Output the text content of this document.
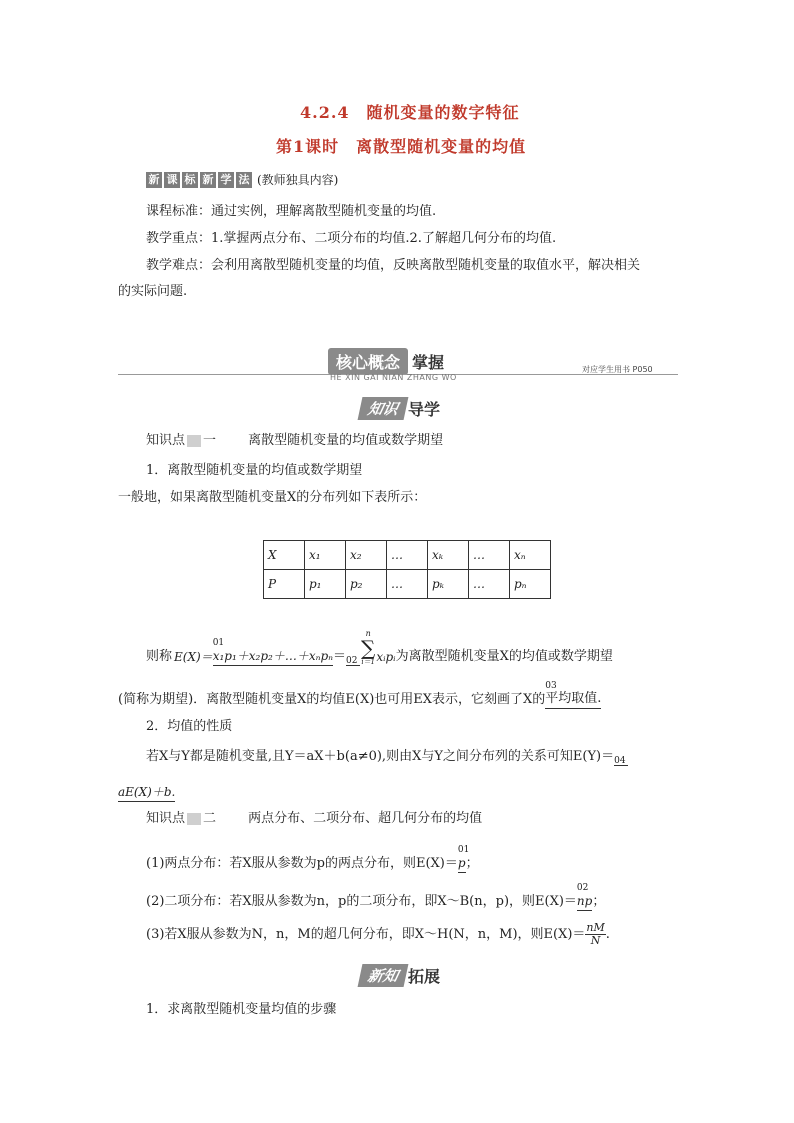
4.2.4　随机变量的数字特征
第1课时　离散型随机变量的均值
新 课 标 新 学 法 (教师独具内容)
课程标准：通过实例，理解离散型随机变量的均值.
教学重点：1.掌握两点分布、二项分布的均值.2.了解超几何分布的均值.
教学难点：会利用离散型随机变量的均值，反映离散型随机变量的取值水平，解决相关
的实际问题.
核心概念 掌握
HE XIN GAI NIAN ZHANG WO
对应学生用书 P050
知识 导学
知识点 一 离散型随机变量的均值或数学期望
1．离散型随机变量的均值或数学期望
一般地，如果离散型随机变量X的分布列如下表所示：
X	x₁	x₂	…	xₖ	…	xₙ
P	p₁	p₂	…	pₖ	…	pₙ
则称 E(X)＝
01
x₁p₁＋x₂p₂＋…＋xₙpₙ ＝ 02
n
∑
i＝1 xᵢpᵢ 为离散型随机变量X的均值或数学期望
(简称为期望)．离散型随机变量X的均值E(X)也可用EX表示，它刻画了X的
03
平均取值.
2．均值的性质
若X与Y都是随机变量,且Y＝aX＋b(a≠0),则由X与Y之间分布列的关系可知E(Y)＝ 04
aE(X)＋b.
知识点 二 两点分布、二项分布、超几何分布的均值
(1)两点分布：若X服从参数为p的两点分布，则E(X)＝
01
p ；
(2)二项分布：若X服从参数为n，p的二项分布，即X～B(n，p)，则E(X)＝
02
np ；
(3)若X服从参数为N，n，M的超几何分布，即X～H(N，n，M)，则$E(X)= \frac{nM}{N}$ .
新知 拓展
1．求离散型随机变量均值的步骤
